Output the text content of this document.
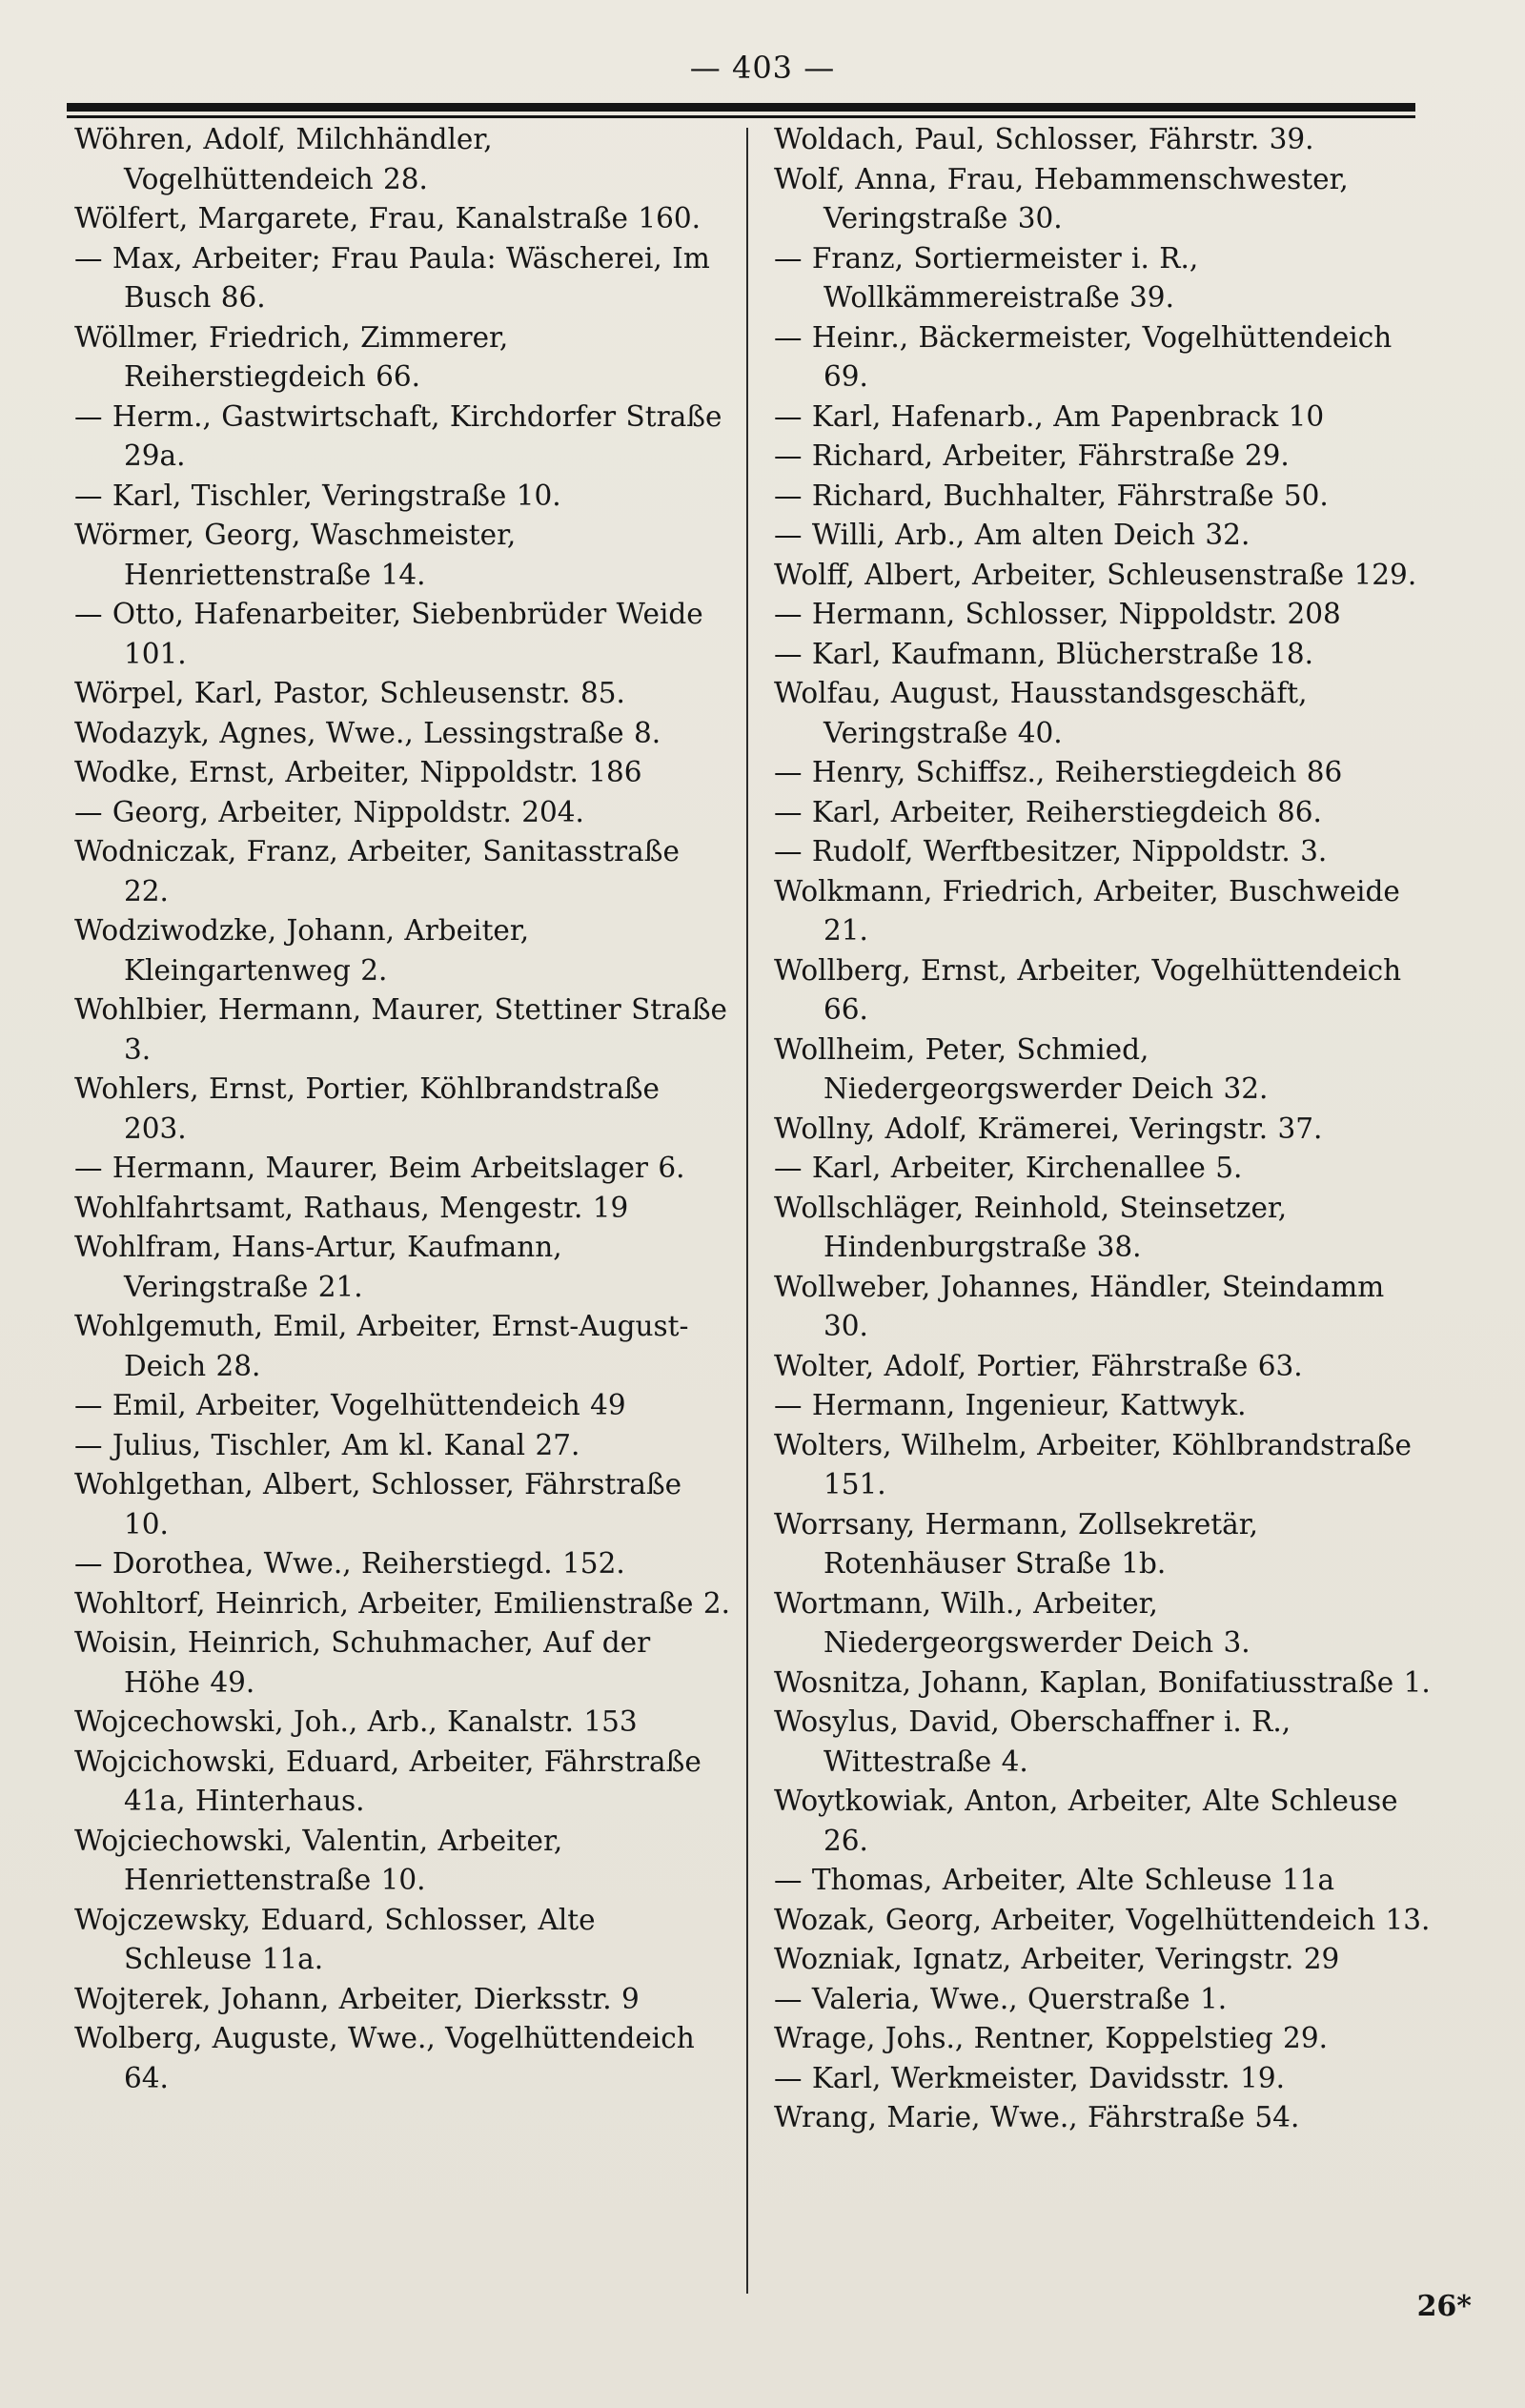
— 403 —
Wöhren, Adolf, Milchhändler, Vogelhüttendeich 28.
Wölfert, Margarete, Frau, Kanalstraße 160.
— Max, Arbeiter; Frau Paula: Wäscherei, Im Busch 86.
Wöllmer, Friedrich, Zimmerer, Reiherstiegdeich 66.
— Herm., Gastwirtschaft, Kirchdorfer Straße 29a.
— Karl, Tischler, Veringstraße 10.
Wörmer, Georg, Waschmeister, Henriettenstraße 14.
— Otto, Hafenarbeiter, Siebenbrüder Weide 101.
Wörpel, Karl, Pastor, Schleusenstr. 85.
Wodazyk, Agnes, Wwe., Lessingstraße 8.
Wodke, Ernst, Arbeiter, Nippoldstr. 186
— Georg, Arbeiter, Nippoldstr. 204.
Wodniczak, Franz, Arbeiter, Sanitasstraße 22.
Wodziwodzke, Johann, Arbeiter, Kleingartenweg 2.
Wohlbier, Hermann, Maurer, Stettiner Straße 3.
Wohlers, Ernst, Portier, Köhlbrandstraße 203.
— Hermann, Maurer, Beim Arbeitslager 6.
Wohlfahrtsamt, Rathaus, Mengestr. 19
Wohlfram, Hans-Artur, Kaufmann, Veringstraße 21.
Wohlgemuth, Emil, Arbeiter, Ernst-August-Deich 28.
— Emil, Arbeiter, Vogelhüttendeich 49
— Julius, Tischler, Am kl. Kanal 27.
Wohlgethan, Albert, Schlosser, Fährstraße 10.
— Dorothea, Wwe., Reiherstiegd. 152.
Wohltorf, Heinrich, Arbeiter, Emilienstraße 2.
Woisin, Heinrich, Schuhmacher, Auf der Höhe 49.
Wojcechowski, Joh., Arb., Kanalstr. 153
Wojcichowski, Eduard, Arbeiter, Fährstraße 41a, Hinterhaus.
Wojciechowski, Valentin, Arbeiter, Henriettenstraße 10.
Wojczewsky, Eduard, Schlosser, Alte Schleuse 11a.
Wojterek, Johann, Arbeiter, Dierksstr. 9
Wolberg, Auguste, Wwe., Vogelhüttendeich 64.
Woldach, Paul, Schlosser, Fährstr. 39.
Wolf, Anna, Frau, Hebammenschwester, Veringstraße 30.
— Franz, Sortiermeister i. R., Wollkämmereistraße 39.
— Heinr., Bäckermeister, Vogelhüttendeich 69.
— Karl, Hafenarb., Am Papenbrack 10
— Richard, Arbeiter, Fährstraße 29.
— Richard, Buchhalter, Fährstraße 50.
— Willi, Arb., Am alten Deich 32.
Wolff, Albert, Arbeiter, Schleusenstraße 129.
— Hermann, Schlosser, Nippoldstr. 208
— Karl, Kaufmann, Blücherstraße 18.
Wolfau, August, Hausstandsgeschäft, Veringstraße 40.
— Henry, Schiffsz., Reiherstiegdeich 86
— Karl, Arbeiter, Reiherstiegdeich 86.
— Rudolf, Werftbesitzer, Nippoldstr. 3.
Wolkmann, Friedrich, Arbeiter, Buschweide 21.
Wollberg, Ernst, Arbeiter, Vogelhüttendeich 66.
Wollheim, Peter, Schmied, Niedergeorgswerder Deich 32.
Wollny, Adolf, Krämerei, Veringstr. 37.
— Karl, Arbeiter, Kirchenallee 5.
Wollschläger, Reinhold, Steinsetzer, Hindenburgstraße 38.
Wollweber, Johannes, Händler, Steindamm 30.
Wolter, Adolf, Portier, Fährstraße 63.
— Hermann, Ingenieur, Kattwyk.
Wolters, Wilhelm, Arbeiter, Köhlbrandstraße 151.
Worrsany, Hermann, Zollsekretär, Rotenhäuser Straße 1b.
Wortmann, Wilh., Arbeiter, Niedergeorgswerder Deich 3.
Wosnitza, Johann, Kaplan, Bonifatiusstraße 1.
Wosylus, David, Oberschaffner i. R., Wittestraße 4.
Woytkowiak, Anton, Arbeiter, Alte Schleuse 26.
— Thomas, Arbeiter, Alte Schleuse 11a
Wozak, Georg, Arbeiter, Vogelhüttendeich 13.
Wozniak, Ignatz, Arbeiter, Veringstr. 29
— Valeria, Wwe., Querstraße 1.
Wrage, Johs., Rentner, Koppelstieg 29.
— Karl, Werkmeister, Davidsstr. 19.
Wrang, Marie, Wwe., Fährstraße 54.
26*
